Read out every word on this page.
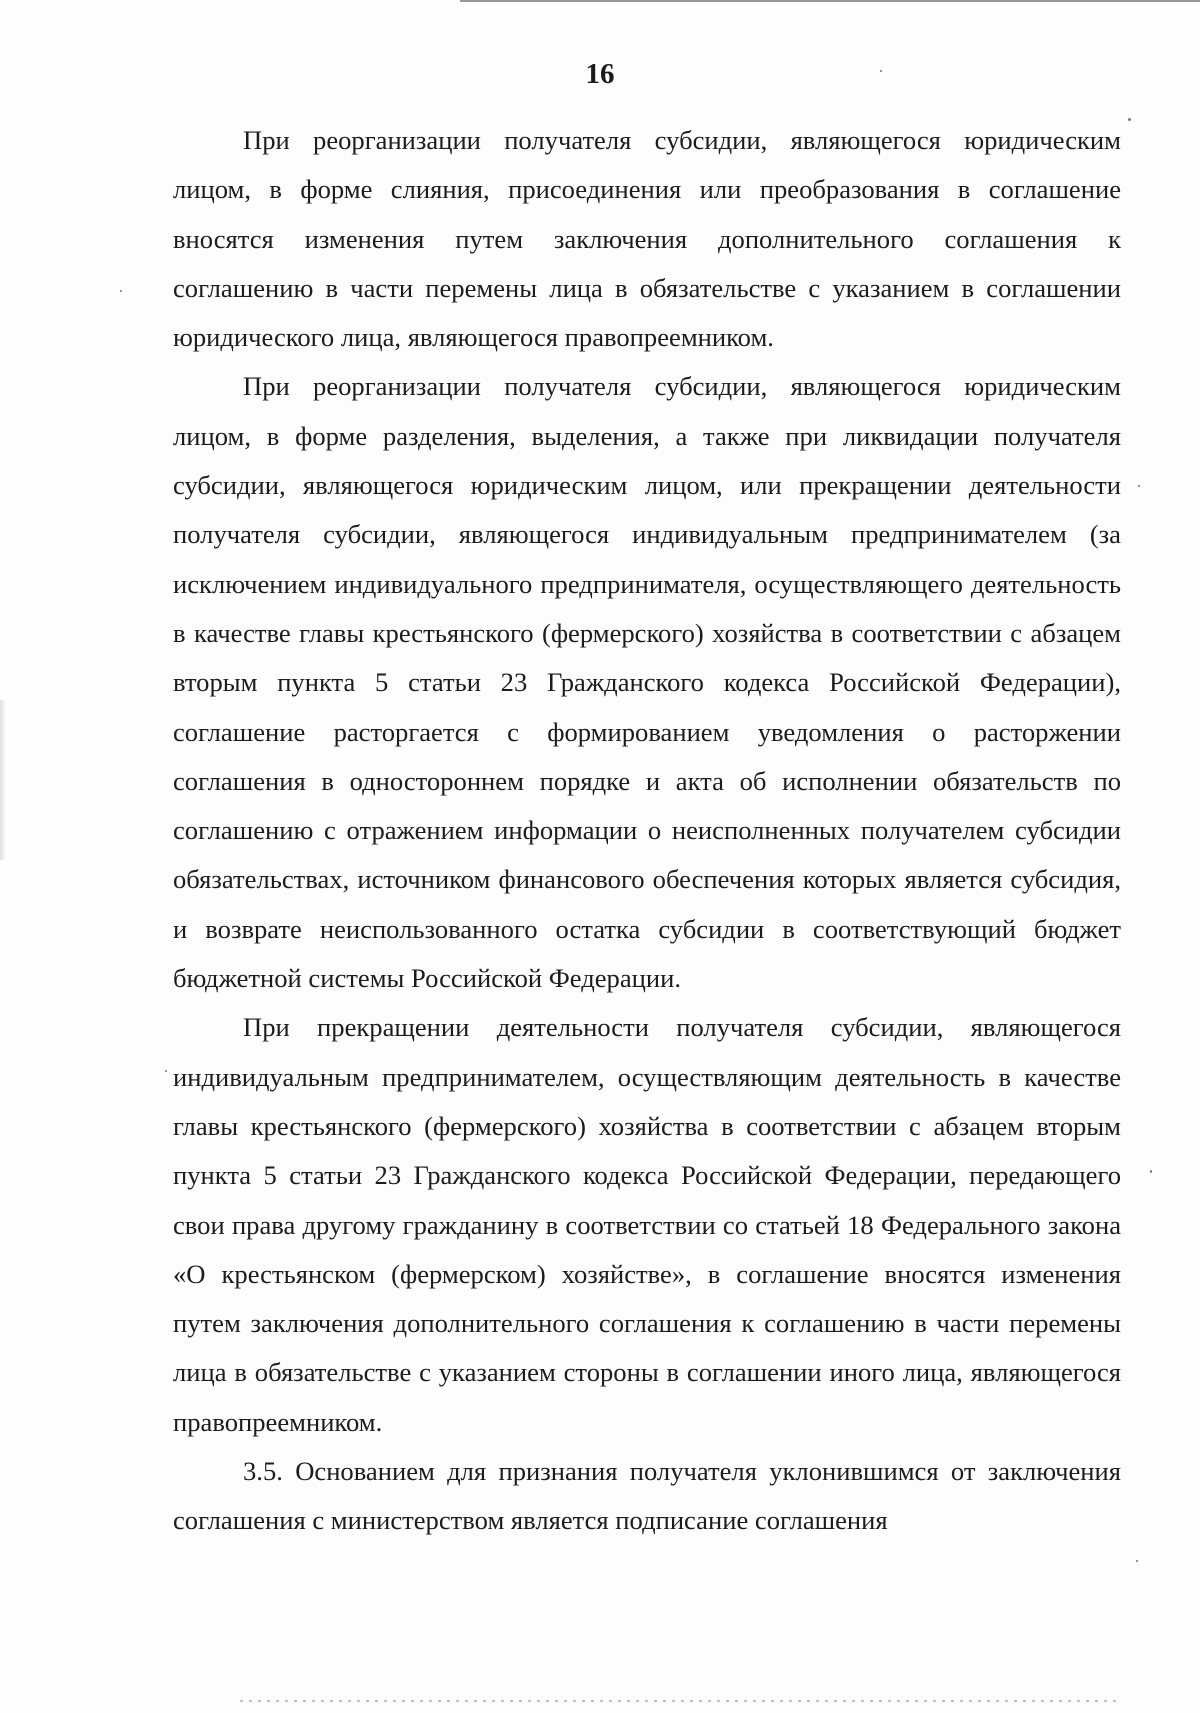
16

При реорганизации получателя субсидии, являющегося юридическим лицом, в форме слияния, присоединения или преобразования в соглашение вносятся изменения путем заключения дополнительного соглашения к соглашению в части перемены лица в обязательстве с указанием в соглашении юридического лица, являющегося правопреемником.

При реорганизации получателя субсидии, являющегося юридическим лицом, в форме разделения, выделения, а также при ликвидации получателя субсидии, являющегося юридическим лицом, или прекращении деятельности получателя субсидии, являющегося индивидуальным предпринимателем (за исключением индивидуального предпринимателя, осуществляющего деятельность в качестве главы крестьянского (фермерского) хозяйства в соответствии с абзацем вторым пункта 5 статьи 23 Гражданского кодекса Российской Федерации), соглашение расторгается с формированием уведомления о расторжении соглашения в одностороннем порядке и акта об исполнении обязательств по соглашению с отражением информации о неисполненных получателем субсидии обязательствах, источником финансового обеспечения которых является субсидия, и возврате неиспользованного остатка субсидии в соответствующий бюджет бюджетной системы Российской Федерации.

При прекращении деятельности получателя субсидии, являющегося индивидуальным предпринимателем, осуществляющим деятельность в качестве главы крестьянского (фермерского) хозяйства в соответствии с абзацем вторым пункта 5 статьи 23 Гражданского кодекса Российской Федерации, передающего свои права другому гражданину в соответствии со статьей 18 Федерального закона «О крестьянском (фермерском) хозяйстве», в соглашение вносятся изменения путем заключения дополнительного соглашения к соглашению в части перемены лица в обязательстве с указанием стороны в соглашении иного лица, являющегося правопреемником.

3.5. Основанием для признания получателя уклонившимся от заключения соглашения с министерством является подписание соглашения
